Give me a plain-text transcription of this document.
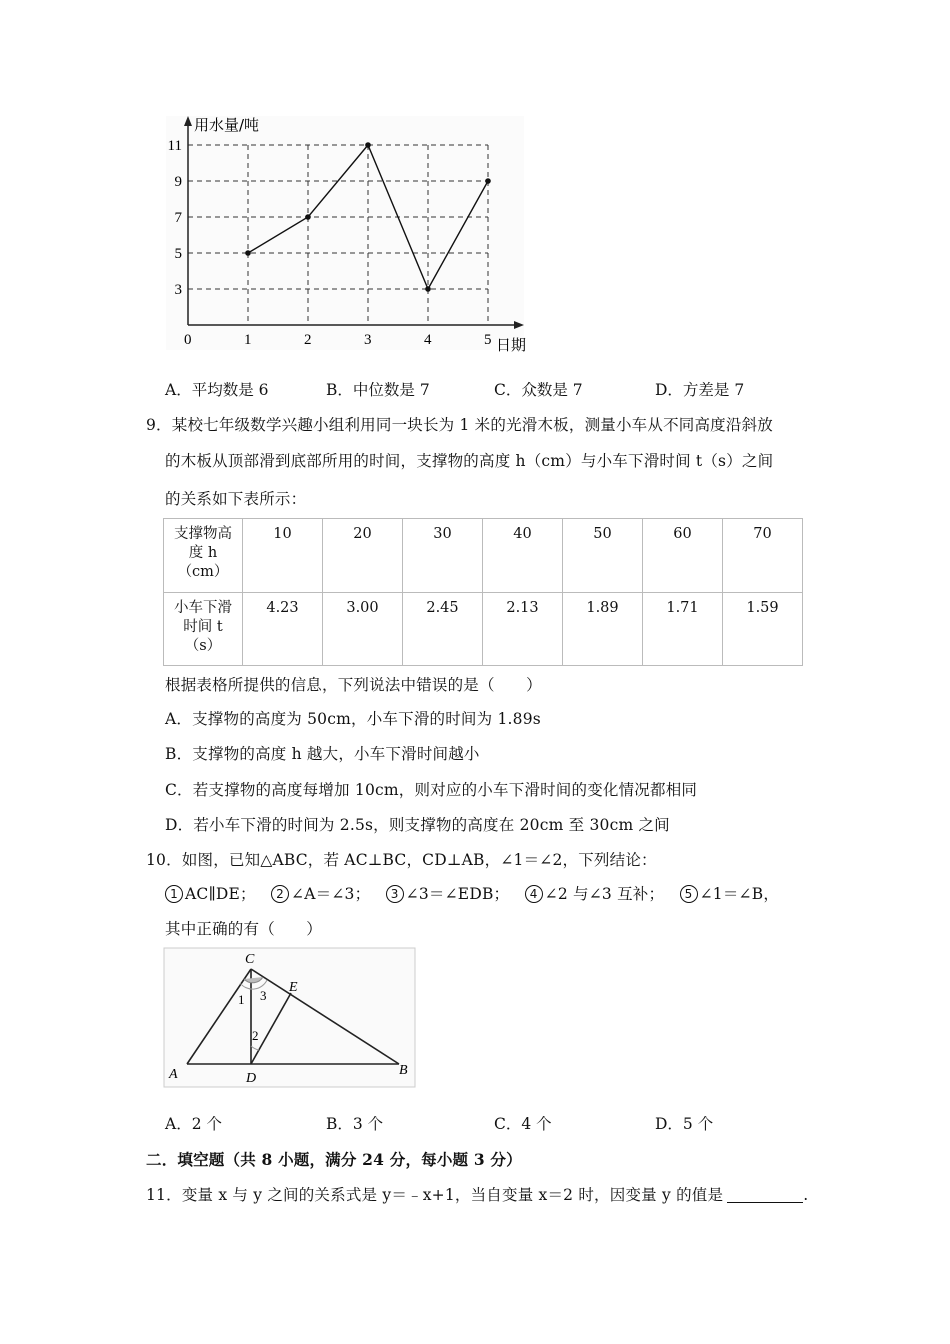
3
5
7
9
11
1	2	3	4	5
用水量/吨
日期
0
A．平均数是 6	B．中位数是 7	C．众数是 7	D．方差是 7
9．某校七年级数学兴趣小组利用同一块长为 1 米的光滑木板，测量小车从不同高度沿斜放
的木板从顶部滑到底部所用的时间，支撑物的高度 h（cm）与小车下滑时间 t（s）之间
的关系如下表所示：
支撑物高
度 h
（cm）	10	20	30	40	50	60	70

小车下滑
时间 t
（s）	4.23	3.00	2.45	2.13	1.89	1.71	1.59
根据表格所提供的信息，下列说法中错误的是（　　）
A．支撑物的高度为 50cm，小车下滑的时间为 1.89s
B．支撑物的高度 h 越大，小车下滑时间越小
C．若支撑物的高度每增加 10cm，则对应的小车下滑时间的变化情况都相同
D．若小车下滑的时间为 2.5s，则支撑物的高度在 20cm 至 30cm 之间
10．如图，已知△ABC，若 AC⊥BC，CD⊥AB，∠1＝∠2，下列结论：
1 AC∥DE； 2 ∠A＝∠3； 3 ∠3＝∠EDB； 4 ∠2 与∠3 互补； 5 ∠1＝∠B，
其中正确的有（　　）
C
E
A	D
B
1
2
3
A．2 个	B．3 个	C．4 个	D．5 个
二．填空题（共 8 小题，满分 24 分，每小题 3 分）
11．变量 x 与 y 之间的关系式是 y＝﹣x+1，当自变量 x＝2 时，因变量 y 的值是	.
